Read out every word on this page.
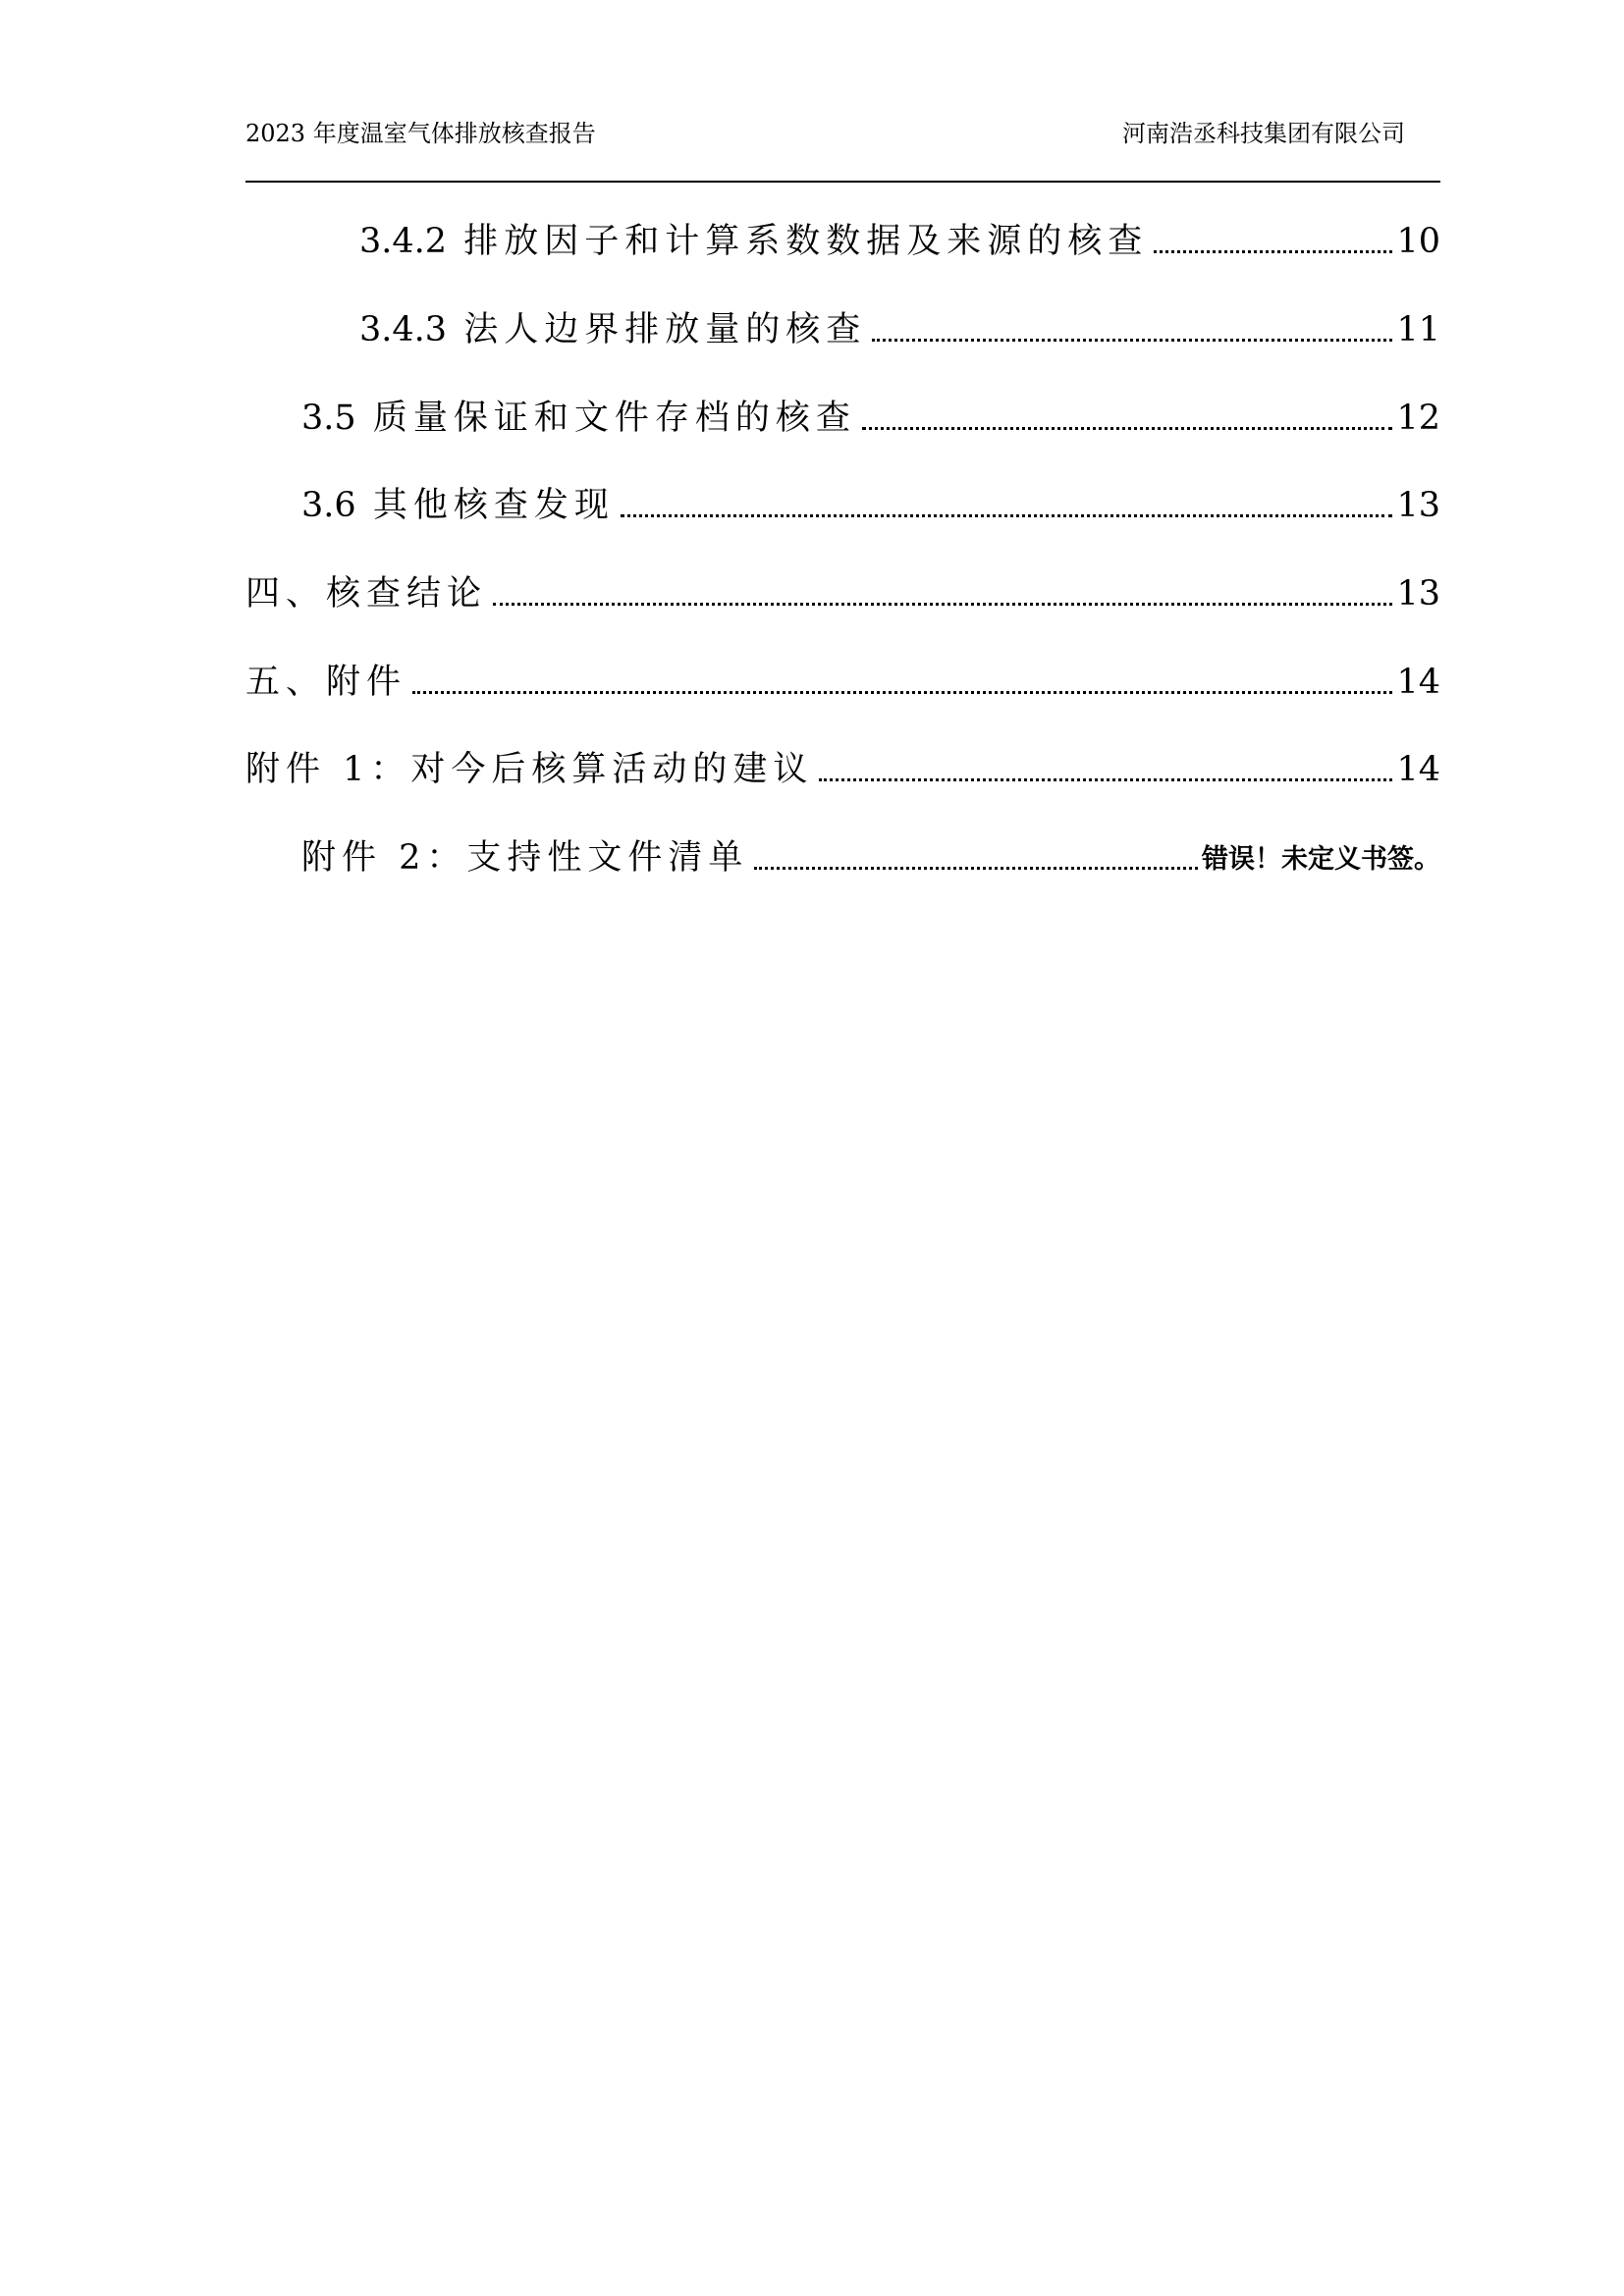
2023 年度温室气体排放核查报告	河南浩丞科技集团有限公司
3.4.2 排放因子和计算系数数据及来源的核查	10
3.4.3 法人边界排放量的核查	11
3.5 质量保证和文件存档的核查	12
3.6 其他核查发现	13
四、核查结论	13
五、附件	14
附件 1：对今后核算活动的建议	14
附件 2：支持性文件清单	错误！未定义书签。
